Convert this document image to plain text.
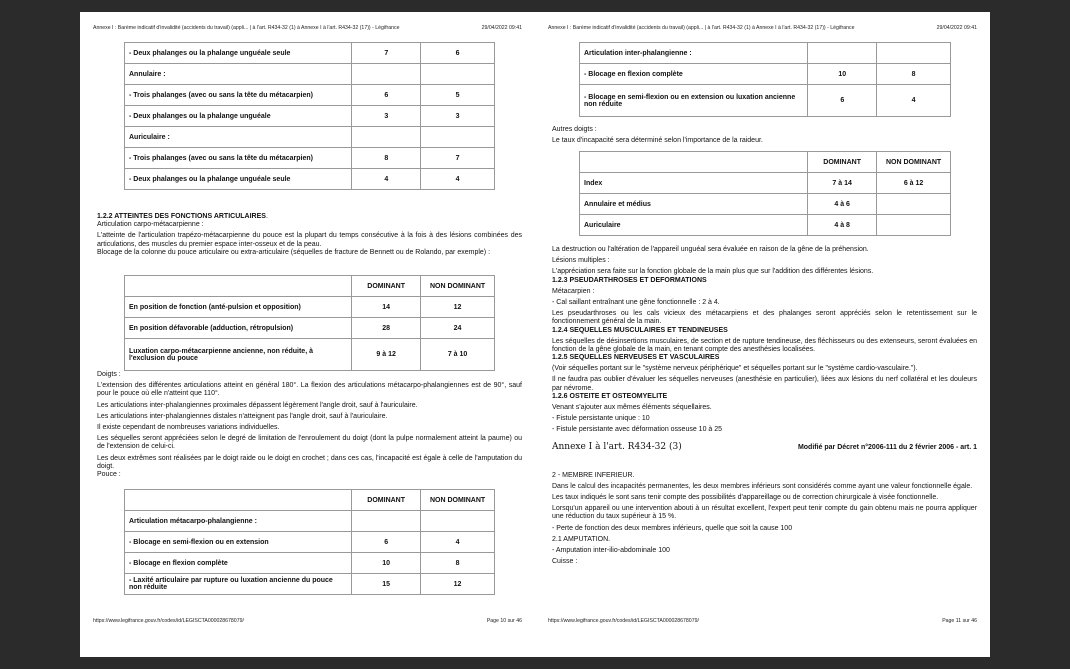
Annexe I : Barème indicatif d'invalidité (accidents du travail) (appli... | à l'art. R434-32 (1) à Annexe I à l'art. R434-32 (17)) - Légifrance	29/04/2022 09:41
- Deux phalanges ou la phalange unguéale seule	7	6
Annulaire :		
- Trois phalanges (avec ou sans la tête du métacarpien)	6	5
- Deux phalanges ou la phalange unguéale	3	3
Auriculaire :		
- Trois phalanges (avec ou sans la tête du métacarpien)	8	7
- Deux phalanges ou la phalange unguéale seule	4	4

1.2.2 ATTEINTES DES FONCTIONS ARTICULAIRES.

Articulation carpo-métacarpienne :

L'atteinte de l'articulation trapézo-métacarpienne du pouce est la plupart du temps consécutive à la fois à des lésions combinées des articulations, des muscles du premier espace inter-osseux et de la peau.

Blocage de la colonne du pouce articulaire ou extra-articulaire (séquelles de fracture de Bennett ou de Rolando, par exemple) :

	DOMINANT	NON DOMINANT
En position de fonction (anté-pulsion et opposition)	14	12
En position défavorable (adduction, rétropulsion)	28	24
Luxation carpo-métacarpienne ancienne, non réduite, à l'exclusion du pouce	9 à 12	7 à 10

Doigts :

L'extension des différentes articulations atteint en général 180°. La flexion des articulations métacarpo-phalangiennes est de 90°, sauf pour le pouce où elle n'atteint que 110°.

Les articulations inter-phalangiennes proximales dépassent légèrement l'angle droit, sauf à l'auriculaire.

Les articulations inter-phalangiennes distales n'atteignent pas l'angle droit, sauf à l'auriculaire.

Il existe cependant de nombreuses variations individuelles.

Les séquelles seront appréciées selon le degré de limitation de l'enroulement du doigt (dont la pulpe normalement atteint la paume) ou de l'extension de celui-ci.

Les deux extrêmes sont réalisées par le doigt raide ou le doigt en crochet ; dans ces cas, l'incapacité est égale à celle de l'amputation du doigt.

Pouce :

	DOMINANT	NON DOMINANT
Articulation métacarpo-phalangienne :		
- Blocage en semi-flexion ou en extension	6	4
- Blocage en flexion complète	10	8
- Laxité articulaire par rupture ou luxation ancienne du pouce non réduite	15	12
https://www.legifrance.gouv.fr/codes/id/LEGISCTA000028678079/	Page 10 sur 46
Annexe I : Barème indicatif d'invalidité (accidents du travail) (appli... | à l'art. R434-32 (1) à Annexe I à l'art. R434-32 (17)) - Légifrance	29/04/2022 09:41
Articulation inter-phalangienne :		
- Blocage en flexion complète	10	8
- Blocage en semi-flexion ou en extension ou luxation ancienne non réduite	6	4

Autres doigts :

Le taux d'incapacité sera déterminé selon l'importance de la raideur.

	DOMINANT	NON DOMINANT
Index	7 à 14	6 à 12
Annulaire et médius	4 à 6	
Auriculaire	4 à 8	

La destruction ou l'altération de l'appareil unguéal sera évaluée en raison de la gêne de la préhension.

Lésions multiples :

L'appréciation sera faite sur la fonction globale de la main plus que sur l'addition des différentes lésions.

1.2.3 PSEUDARTHROSES ET DEFORMATIONS

Métacarpien :

- Cal saillant entraînant une gêne fonctionnelle : 2 à 4.

Les pseudarthroses ou les cals vicieux des métacarpiens et des phalanges seront appréciés selon le retentissement sur le fonctionnement général de la main.

1.2.4 SEQUELLES MUSCULAIRES ET TENDINEUSES

Les séquelles de désinsertions musculaires, de section et de rupture tendineuse, des fléchisseurs ou des extenseurs, seront évaluées en fonction de la gêne globale de la main, en tenant compte des anesthésies localisées.

1.2.5 SEQUELLES NERVEUSES ET VASCULAIRES

(Voir séquelles portant sur le "système nerveux périphérique" et séquelles portant sur le "système cardio-vasculaire.").

Il ne faudra pas oublier d'évaluer les séquelles nerveuses (anesthésie en particulier), liées aux lésions du nerf collatéral et les douleurs par névrome.

1.2.6 OSTEITE ET OSTEOMYELITE

Venant s'ajouter aux mêmes éléments séquellaires.

- Fistule persistante unique : 10

- Fistule persistante avec déformation osseuse 10 à 25

Annexe I à l'art. R434-32 (3)	Modifié par Décret n°2006-111 du 2 février 2006 - art. 1

2 - MEMBRE INFERIEUR.

Dans le calcul des incapacités permanentes, les deux membres inférieurs sont considérés comme ayant une valeur fonctionnelle égale.

Les taux indiqués le sont sans tenir compte des possibilités d'appareillage ou de correction chirurgicale à visée fonctionnelle.

Lorsqu'un appareil ou une intervention abouti à un résultat excellent, l'expert peut tenir compte du gain obtenu mais ne pourra appliquer une réduction du taux supérieur à 15 %.

- Perte de fonction des deux membres inférieurs, quelle que soit la cause 100

2.1 AMPUTATION.

- Amputation inter-ilio-abdominale 100

Cuisse :

https://www.legifrance.gouv.fr/codes/id/LEGISCTA000028678079/	Page 11 sur 46
